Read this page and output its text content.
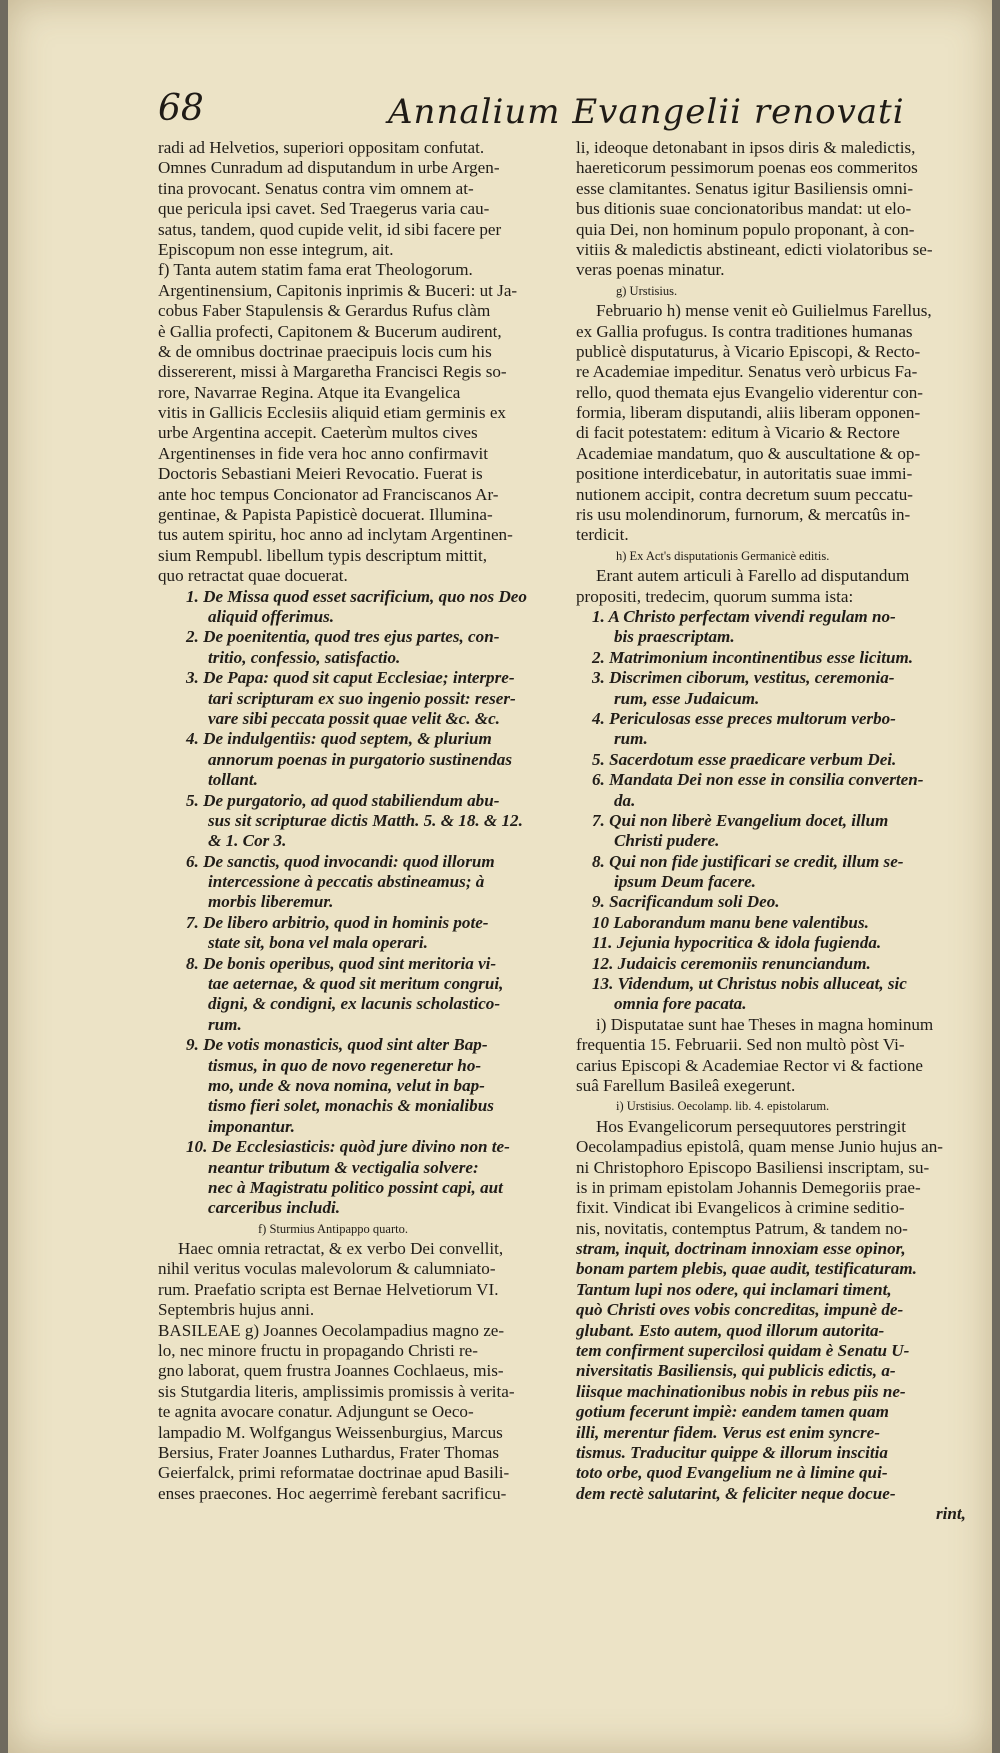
68	Annalium Evangelii renovati
radi ad Helvetios, superiori oppositam confutat.
Omnes Cunradum ad disputandum in urbe Argen-
tina provocant. Senatus contra vim omnem at-
que pericula ipsi cavet. Sed Traegerus varia cau-
satus, tandem, quod cupide velit, id sibi facere per
Episcopum non esse integrum, ait.
f) Tanta autem statim fama erat Theologorum.
Argentinensium, Capitonis inprimis & Buceri: ut Ja-
cobus Faber Stapulensis & Gerardus Rufus clàm
è Gallia profecti, Capitonem & Bucerum audirent,
& de omnibus doctrinae praecipuis locis cum his
dissererent, missi à Margaretha Francisci Regis so-
rore, Navarrae Regina. Atque ita Evangelica
vitis in Gallicis Ecclesiis aliquid etiam germinis ex
urbe Argentina accepit. Caeterùm multos cives
Argentinenses in fide vera hoc anno confirmavit
Doctoris Sebastiani Meieri Revocatio. Fuerat is
ante hoc tempus Concionator ad Franciscanos Ar-
gentinae, & Papista Papisticè docuerat. Illumina-
tus autem spiritu, hoc anno ad inclytam Argentinen-
sium Rempubl. libellum typis descriptum mittit,
quo retractat quae docuerat.
1. De Missa quod esset sacrificium, quo nos Deo
aliquid offerimus.
2. De poenitentia, quod tres ejus partes, con-
tritio, confessio, satisfactio.
3. De Papa: quod sit caput Ecclesiae; interpre-
tari scripturam ex suo ingenio possit: reser-
vare sibi peccata possit quae velit &c. &c.
4. De indulgentiis: quod septem, & plurium
annorum poenas in purgatorio sustinendas
tollant.
5. De purgatorio, ad quod stabiliendum abu-
sus sit scripturae dictis Matth. 5. & 18. & 12.
& 1. Cor 3.
6. De sanctis, quod invocandi: quod illorum
intercessione à peccatis abstineamus; à
morbis liberemur.
7. De libero arbitrio, quod in hominis pote-
state sit, bona vel mala operari.
8. De bonis operibus, quod sint meritoria vi-
tae aeternae, & quod sit meritum congrui,
digni, & condigni, ex lacunis scholastico-
rum.
9. De votis monasticis, quod sint alter Bap-
tismus, in quo de novo regeneretur ho-
mo, unde & nova nomina, velut in bap-
tismo fieri solet, monachis & monialibus
imponantur.
10. De Ecclesiasticis: quòd jure divino non te-
neantur tributum & vectigalia solvere:
nec à Magistratu politico possint capi, aut
carceribus includi.
f) Sturmius Antipappo quarto.
Haec omnia retractat, & ex verbo Dei convellit,
nihil veritus voculas malevolorum & calumniato-
rum. Praefatio scripta est Bernae Helvetiorum VI.
Septembris hujus anni.
BASILEAE g) Joannes Oecolampadius magno ze-
lo, nec minore fructu in propagando Christi re-
gno laborat, quem frustra Joannes Cochlaeus, mis-
sis Stutgardia literis, amplissimis promissis à verita-
te agnita avocare conatur. Adjungunt se Oeco-
lampadio M. Wolfgangus Weissenburgius, Marcus
Bersius, Frater Joannes Luthardus, Frater Thomas
Geierfalck, primi reformatae doctrinae apud Basili-
enses praecones. Hoc aegerrimè ferebant sacrificu-
li, ideoque detonabant in ipsos diris & maledictis,
haereticorum pessimorum poenas eos commeritos
esse clamitantes. Senatus igitur Basiliensis omni-
bus ditionis suae concionatoribus mandat: ut elo-
quia Dei, non hominum populo proponant, à con-
vitiis & maledictis abstineant, edicti violatoribus se-
veras poenas minatur.
g) Urstisius.
Februario h) mense venit eò Guilielmus Farellus,
ex Gallia profugus. Is contra traditiones humanas
publicè disputaturus, à Vicario Episcopi, & Recto-
re Academiae impeditur. Senatus verò urbicus Fa-
rello, quod themata ejus Evangelio viderentur con-
formia, liberam disputandi, aliis liberam opponen-
di facit potestatem: editum à Vicario & Rectore
Academiae mandatum, quo & auscultatione & op-
positione interdicebatur, in autoritatis suae immi-
nutionem accipit, contra decretum suum peccatu-
ris usu molendinorum, furnorum, & mercatûs in-
terdicit.
h) Ex Act's disputationis Germanicè editis.
Erant autem articuli à Farello ad disputandum
propositi, tredecim, quorum summa ista:
1. A Christo perfectam vivendi regulam no-
bis praescriptam.
2. Matrimonium incontinentibus esse licitum.
3. Discrimen ciborum, vestitus, ceremonia-
rum, esse Judaicum.
4. Periculosas esse preces multorum verbo-
rum.
5. Sacerdotum esse praedicare verbum Dei.
6. Mandata Dei non esse in consilia converten-
da.
7. Qui non liberè Evangelium docet, illum
Christi pudere.
8. Qui non fide justificari se credit, illum se-
ipsum Deum facere.
9. Sacrificandum soli Deo.
10 Laborandum manu bene valentibus.
11. Jejunia hypocritica & idola fugienda.
12. Judaicis ceremoniis renunciandum.
13. Videndum, ut Christus nobis alluceat, sic
omnia fore pacata.
i) Disputatae sunt hae Theses in magna hominum
frequentia 15. Februarii. Sed non multò pòst Vi-
carius Episcopi & Academiae Rector vi & factione
suâ Farellum Basileâ exegerunt.
i) Urstisius. Oecolamp. lib. 4. epistolarum.
Hos Evangelicorum persequutores perstringit
Oecolampadius epistolâ, quam mense Junio hujus an-
ni Christophoro Episcopo Basiliensi inscriptam, su-
is in primam epistolam Johannis Demegoriis prae-
fixit. Vindicat ibi Evangelicos à crimine seditio-
nis, novitatis, contemptus Patrum, & tandem no-
stram, inquit, doctrinam innoxiam esse opinor,
bonam partem plebis, quae audit, testificaturam.
Tantum lupi nos odere, qui inclamari timent,
quò Christi oves vobis concreditas, impunè de-
glubant. Esto autem, quod illorum autorita-
tem confirment supercilosi quidam è Senatu U-
niversitatis Basiliensis, qui publicis edictis, a-
liisque machinationibus nobis in rebus piis ne-
gotium fecerunt impiè: eandem tamen quam
illi, merentur fidem. Verus est enim syncre-
tismus. Traducitur quippe & illorum inscitia
toto orbe, quod Evangelium ne à limine qui-
dem rectè salutarint, & feliciter neque docue-
rint,
